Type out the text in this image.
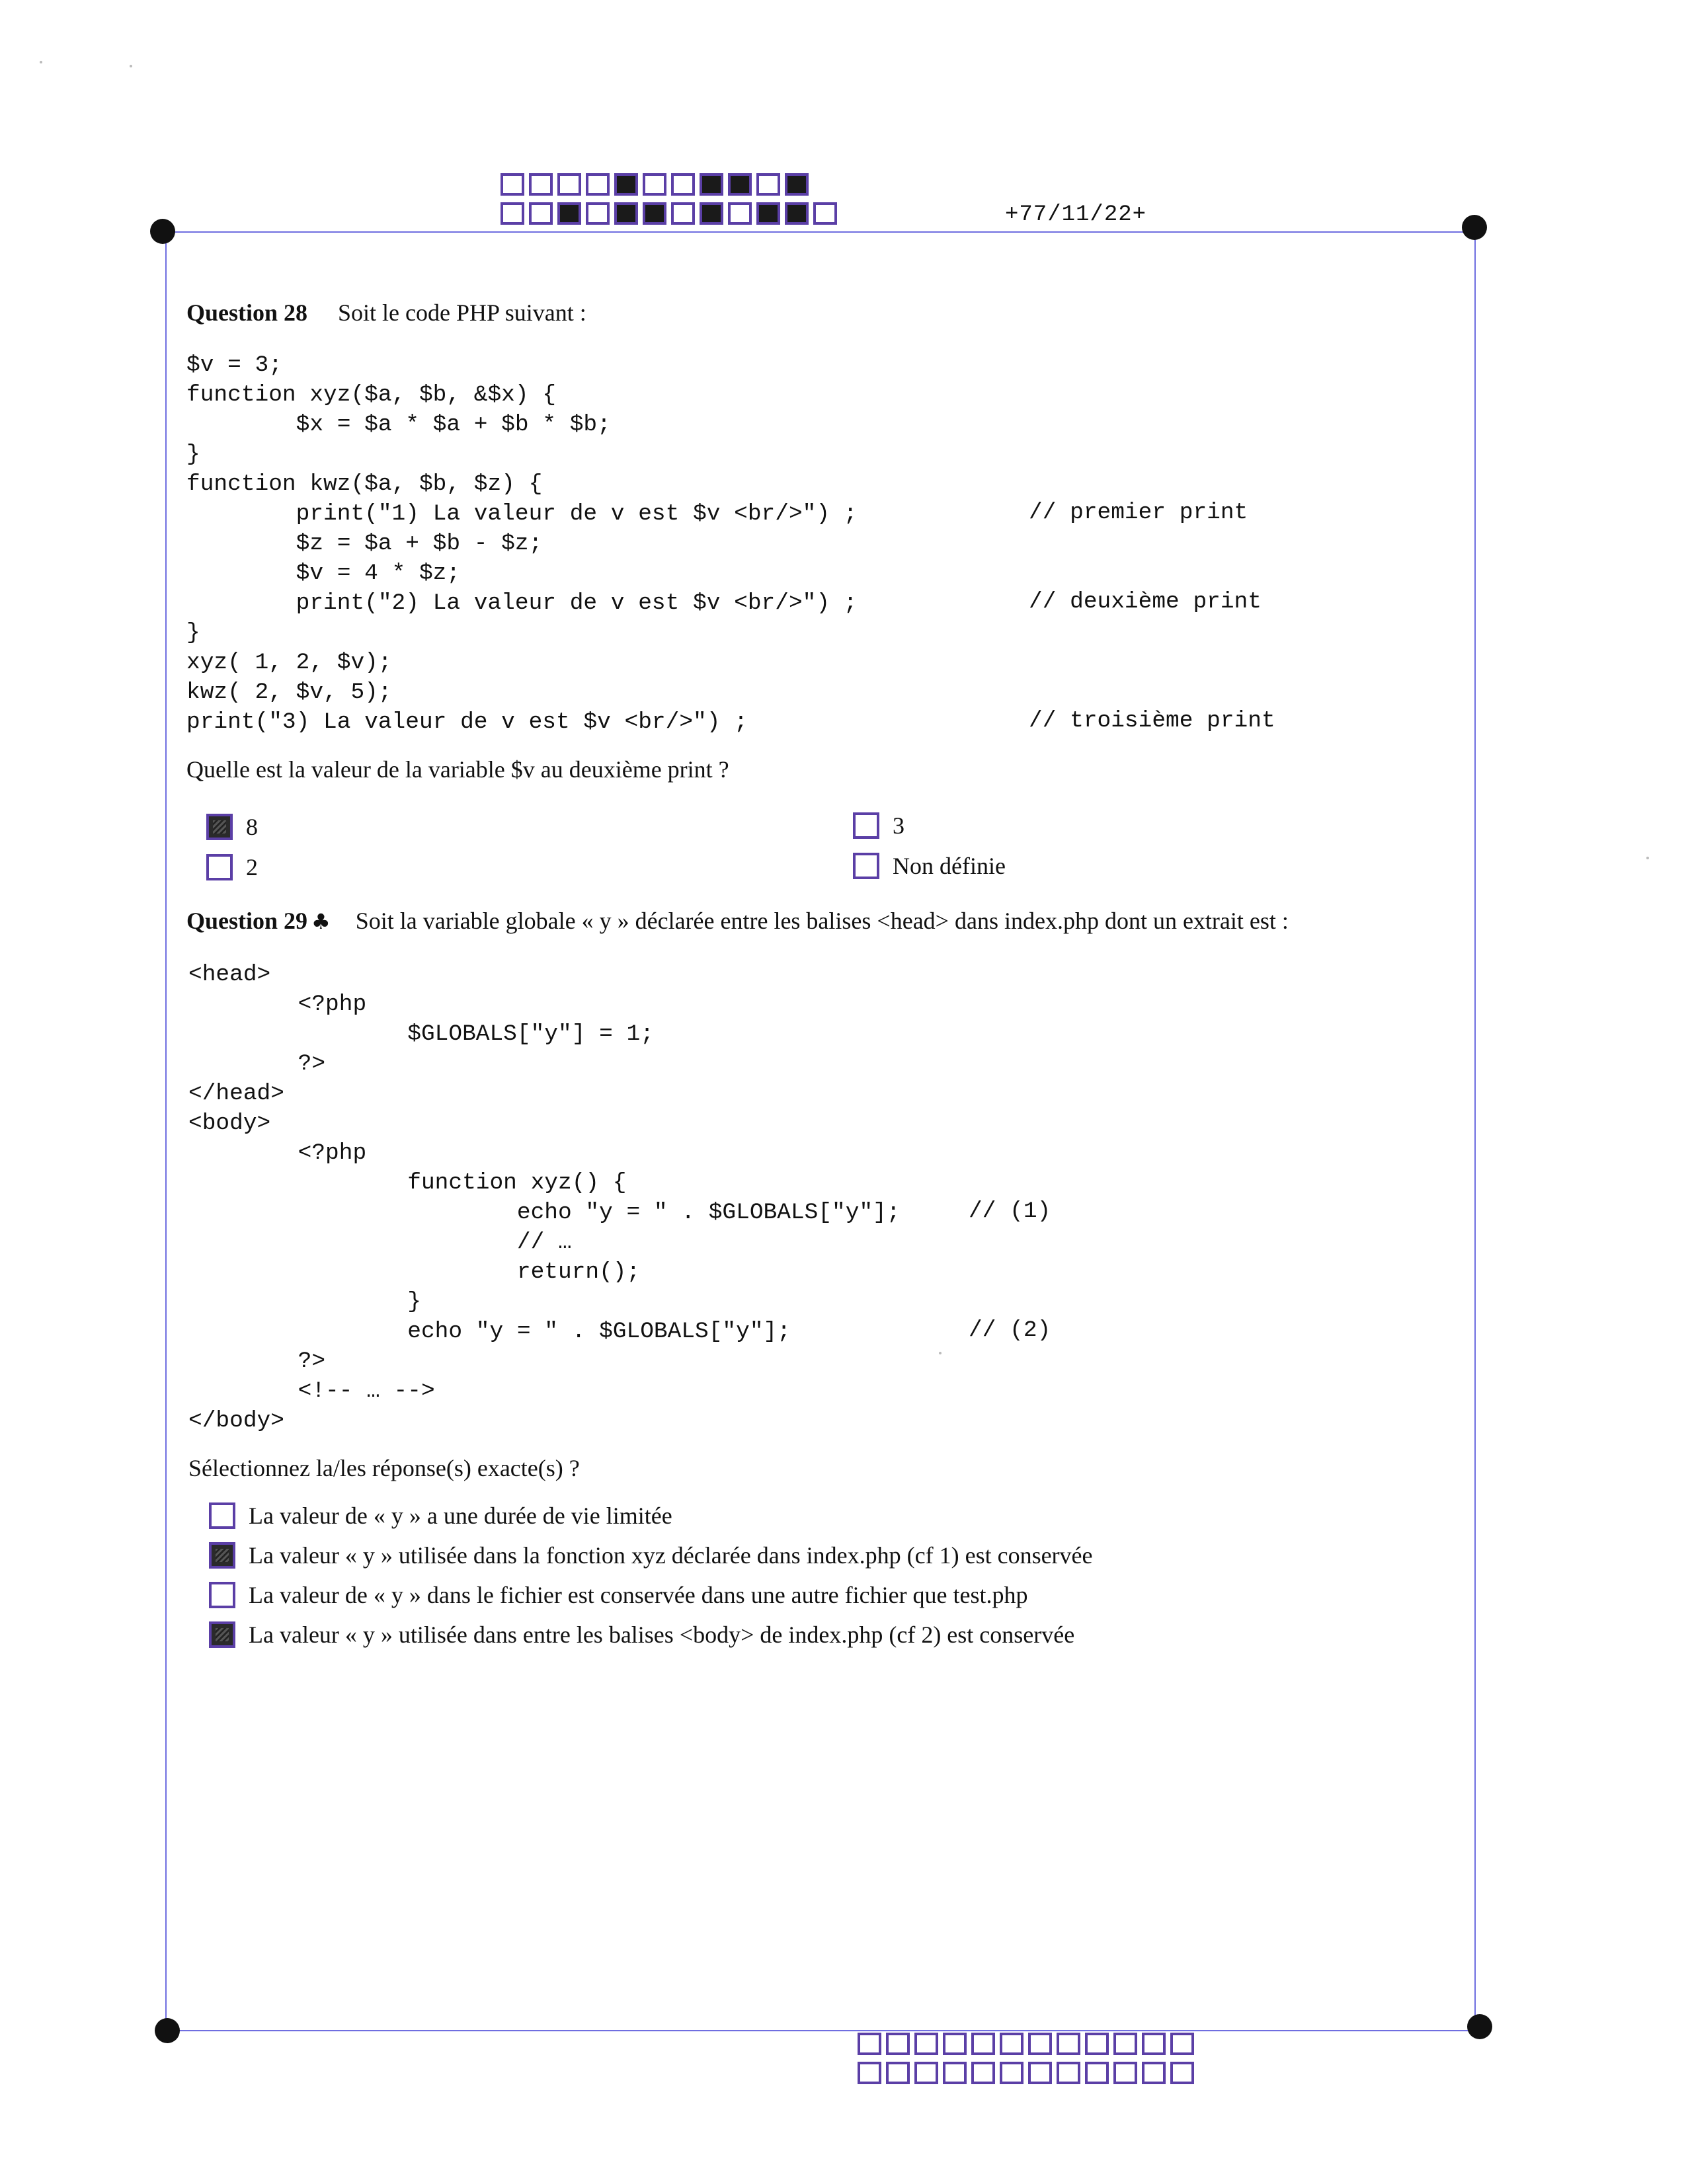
+77/11/22+
Question 28 Soit le code PHP suivant :
$v = 3;
function xyz($a, $b, &$x) {
$x = $a * $a + $b * $b;
}
function kwz($a, $b, $z) {
print("1) La valeur de v est $v <br/>") ;
$z = $a + $b - $z;
$v = 4 * $z;
print("2) La valeur de v est $v <br/>") ;
}
xyz( 1, 2, $v);
kwz( 2, $v, 5);
print("3) La valeur de v est $v <br/>") ;
// premier print
// deuxième print
// troisième print
Quelle est la valeur de la variable $v au deuxième print ?
8	3
2	Non définie
Question 29 ♣ Soit la variable globale « y » déclarée entre les balises <head> dans index.php dont un extrait est :
<head>
<?php
$GLOBALS["y"] = 1;
?>
</head>
<body>
<?php
function xyz() {
echo "y = " . $GLOBALS["y"];
// …
return();
}
echo "y = " . $GLOBALS["y"];
?>
<!-- … -->
</body>
// (1)
// (2)
Sélectionnez la/les réponse(s) exacte(s) ?
La valeur de « y » a une durée de vie limitée
La valeur « y » utilisée dans la fonction xyz déclarée dans index.php (cf 1) est conservée
La valeur de « y » dans le fichier est conservée dans une autre fichier que test.php
La valeur « y » utilisée dans entre les balises <body> de index.php (cf 2) est conservée
